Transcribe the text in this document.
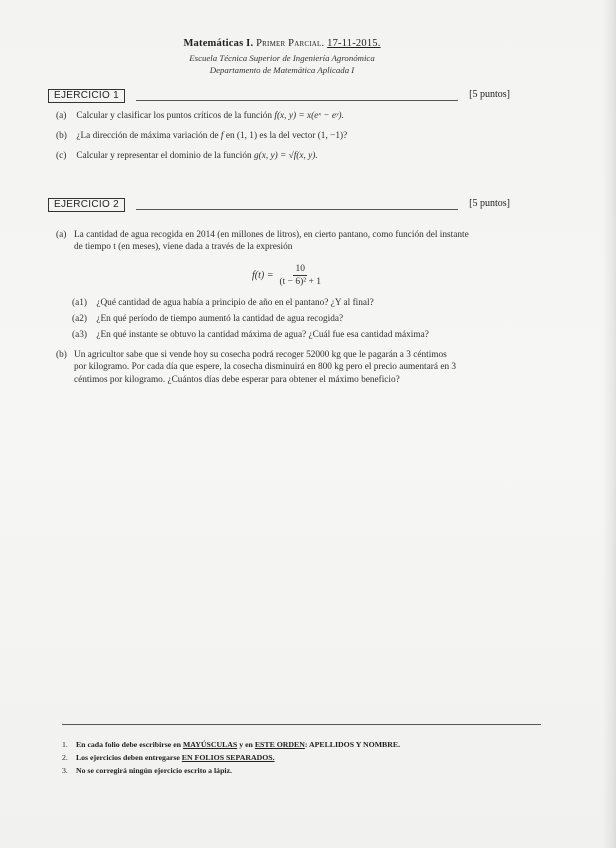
Matemáticas I. Primer Parcial. 17-11-2015.
Escuela Técnica Superior de Ingeniería Agronómica
Departamento de Matemática Aplicada I
EJERCICIO 1	[5 puntos]
(a) Calcular y clasificar los puntos críticos de la función f(x, y) = x(eˣ − eʸ).
(b) ¿La dirección de máxima variación de f en (1, 1) es la del vector (1, −1)?
(c) Calcular y representar el dominio de la función g(x, y) = √f(x, y).
EJERCICIO 2	[5 puntos]
(a) La cantidad de agua recogida en 2014 (en millones de litros), en cierto pantano, como función del instante
de tiempo t (en meses), viene dada a través de la expresión
$f(t) = \frac{10}{\text{(t − 6)² + 1}}$
(a1) ¿Qué cantidad de agua había a principio de año en el pantano? ¿Y al final?
(a2) ¿En qué período de tiempo aumentó la cantidad de agua recogida?
(a3) ¿En qué instante se obtuvo la cantidad máxima de agua? ¿Cuál fue esa cantidad máxima?
(b) Un agricultor sabe que si vende hoy su cosecha podrá recoger 52000 kg que le pagarán a 3 céntimos
por kilogramo. Por cada día que espere, la cosecha disminuirá en 800 kg pero el precio aumentará en 3
céntimos por kilogramo. ¿Cuántos días debe esperar para obtener el máximo beneficio?
1. En cada folio debe escribirse en MAYÚSCULAS y en ESTE ORDEN: APELLIDOS Y NOMBRE.
2. Los ejercicios deben entregarse EN FOLIOS SEPARADOS.
3. No se corregirá ningún ejercicio escrito a lápiz.
